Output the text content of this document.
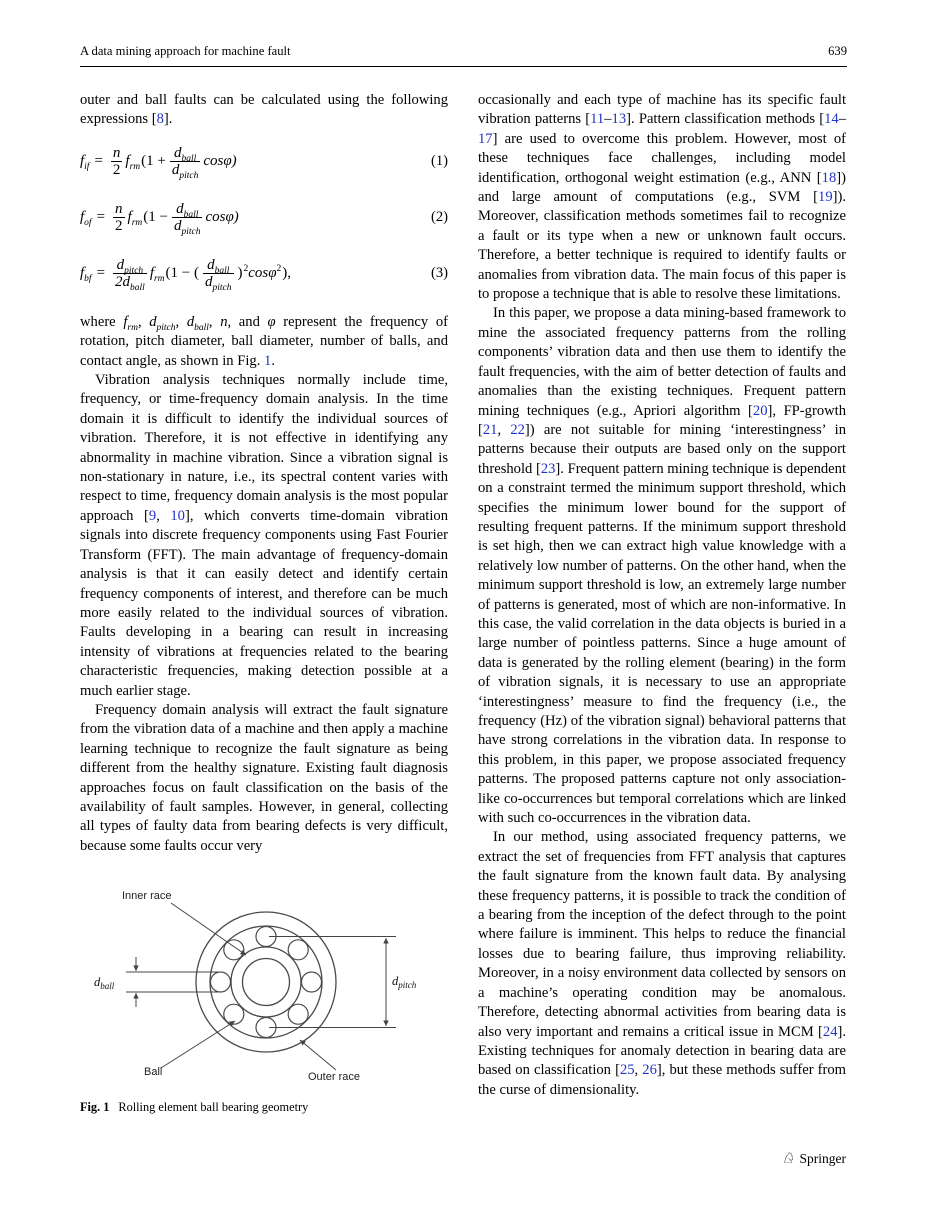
A data mining approach for machine fault	639

outer and ball faults can be calculated using the following expressions [8].

$f_{if} = \frac{n}{2} f_{rm}(1 + \frac{d_{ball}}{d_{pitch}} \cos\varphi)$	(1)
$f_{of} = \frac{n}{2} f_{rm}(1 - \frac{d_{ball}}{d_{pitch}} \cos\varphi)$	(2)
$f_{bf} = \frac{d_{pitch}}{2d_{ball}} f_{rm}(1$ − ( $\frac{d_{ball}}{d_{pitch}} )^2\cos\varphi^2$),	(3)

where $f_{rm}$, $d_{pitch}$, $d_{ball}$, n, and φ represent the frequency of rotation, pitch diameter, ball diameter, number of balls, and contact angle, as shown in Fig. 1.

Vibration analysis techniques normally include time, frequency, or time-frequency domain analysis. In the time domain it is difficult to identify the individual sources of vibration. Therefore, it is not effective in identifying any abnormality in machine vibration. Since a vibration signal is non-stationary in nature, i.e., its spectral content varies with respect to time, frequency domain analysis is the most popular approach [9, 10], which converts time-domain vibration signals into discrete frequency components using Fast Fourier Transform (FFT). The main advantage of frequency-domain analysis is that it can easily detect and identify certain frequency components of interest, and therefore can be much more easily related to the individual sources of vibration. Faults developing in a bearing can result in increasing intensity of vibrations at frequencies related to the bearing characteristic frequencies, making detection possible at a much earlier stage.

Frequency domain analysis will extract the fault signature from the vibration data of a machine and then apply a machine learning technique to recognize the fault signature as being different from the healthy signature. Existing fault diagnosis approaches focus on fault classification on the basis of the availability of fault samples. However, in general, collecting all types of faulty data from bearing defects is very difficult, because some faults occur very

Inner race
Ball	Outer race
$d_{ball}$	$d_{pitch}$
Fig. 1 Rolling element ball bearing geometry

occasionally and each type of machine has its specific fault vibration patterns [11–13]. Pattern classification methods [14–17] are used to overcome this problem. However, most of these techniques face challenges, including model identification, orthogonal weight estimation (e.g., ANN [18]) and large amount of computations (e.g., SVM [19]). Moreover, classification methods sometimes fail to recognize a fault or its type when a new or unknown fault occurs. Therefore, a better technique is required to identify faults or anomalies from vibration data. The main focus of this paper is to propose a technique that is able to resolve these limitations.

In this paper, we propose a data mining-based framework to mine the associated frequency patterns from the rolling components’ vibration data and then use them to identify the fault frequencies, with the aim of better detection of faults and anomalies than the existing techniques. Frequent pattern mining techniques (e.g., Apriori algorithm [20], FP-growth [21, 22]) are not suitable for mining ‘interestingness’ in patterns because their outputs are based only on the support threshold [23]. Frequent pattern mining technique is dependent on a constraint termed the minimum support threshold, which specifies the minimum lower bound for the support of resulting frequent patterns. If the minimum support threshold is set high, then we can extract high value knowledge with a relatively low number of patterns. On the other hand, when the minimum support threshold is low, an extremely large number of patterns is generated, most of which are non-informative. In this case, the valid correlation in the data objects is buried in a large number of pointless patterns. Since a huge amount of data is generated by the rolling element (bearing) in the form of vibration signals, it is necessary to use an appropriate ‘interestingness’ measure to find the frequency (i.e., the frequency (Hz) of the vibration signal) behavioral patterns that have strong correlations in the vibration data. In response to this problem, in this paper, we propose associated frequency patterns. The proposed patterns capture not only association-like co-occurrences but temporal correlations which are linked with such co-occurrences in the vibration data.

In our method, using associated frequency patterns, we extract the set of frequencies from FFT analysis that captures the fault signature from the known fault data. By analysing these frequency patterns, it is possible to track the condition of a bearing from the inception of the defect through to the point where failure is imminent. This helps to reduce the financial losses due to bearing failure, thus improving reliability. Moreover, in a noisy environment data collected by sensors on a machine’s operating condition may be anomalous. Therefore, detecting abnormal activities from bearing data is also very important and remains a critical issue in MCM [24]. Existing techniques for anomaly detection in bearing data are based on classification [25, 26], but these methods suffer from the curse of dimensionality.

♘ Springer
